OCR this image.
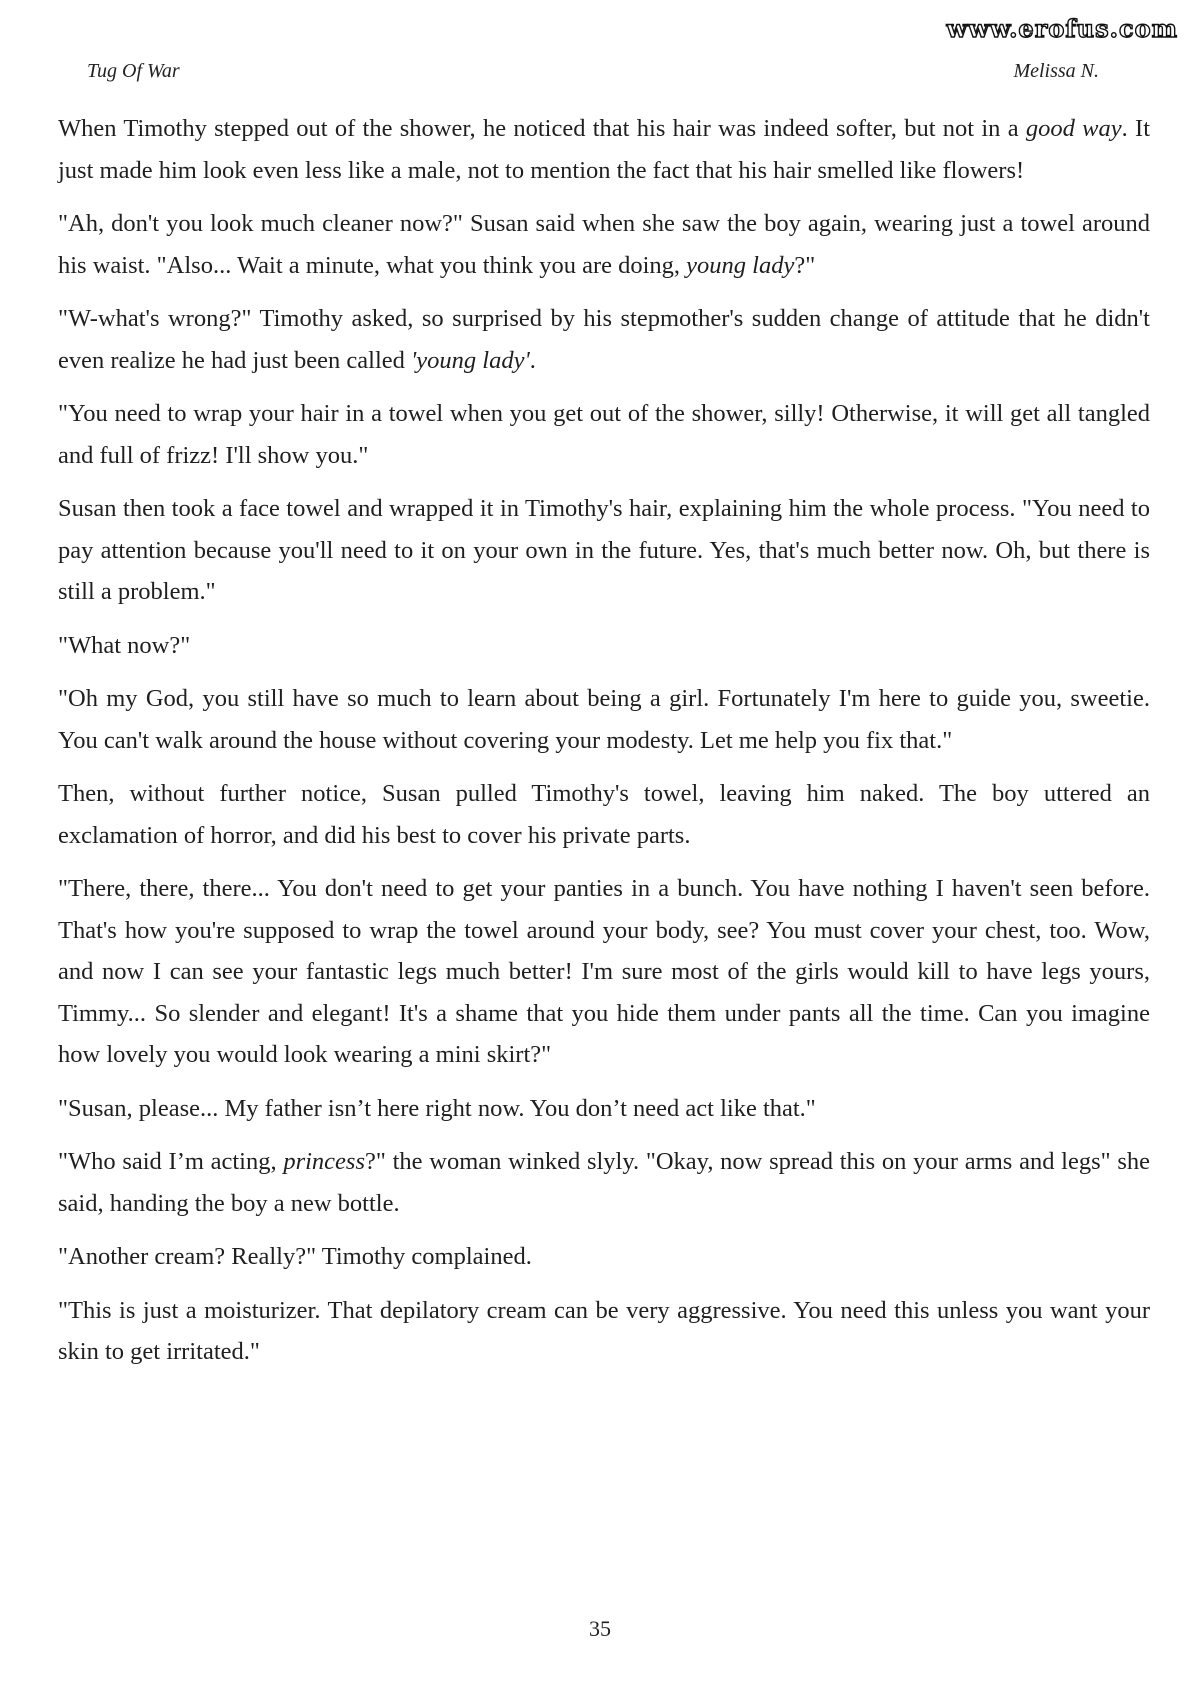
www.erofus.com
Tug Of War	Melissa N.

When Timothy stepped out of the shower, he noticed that his hair was indeed softer, but not in a good way. It just made him look even less like a male, not to mention the fact that his hair smelled like flowers!

"Ah, don't you look much cleaner now?" Susan said when she saw the boy again, wearing just a towel around his waist. "Also... Wait a minute, what you think you are doing, young lady?"

"W-what's wrong?" Timothy asked, so surprised by his stepmother's sudden change of attitude that he didn't even realize he had just been called 'young lady'.

"You need to wrap your hair in a towel when you get out of the shower, silly! Otherwise, it will get all tangled and full of frizz! I'll show you."

Susan then took a face towel and wrapped it in Timothy's hair, explaining him the whole process. "You need to pay attention because you'll need to it on your own in the future. Yes, that's much better now. Oh, but there is still a problem."

"What now?"

"Oh my God, you still have so much to learn about being a girl. Fortunately I'm here to guide you, sweetie. You can't walk around the house without covering your modesty. Let me help you fix that."

Then, without further notice, Susan pulled Timothy's towel, leaving him naked. The boy uttered an exclamation of horror, and did his best to cover his private parts.

"There, there, there... You don't need to get your panties in a bunch. You have nothing I haven't seen before. That's how you're supposed to wrap the towel around your body, see? You must cover your chest, too. Wow, and now I can see your fantastic legs much better! I'm sure most of the girls would kill to have legs yours, Timmy... So slender and elegant! It's a shame that you hide them under pants all the time. Can you imagine how lovely you would look wearing a mini skirt?"

"Susan, please... My father isn’t here right now. You don’t need act like that."

"Who said I’m acting, princess?" the woman winked slyly. "Okay, now spread this on your arms and legs" she said, handing the boy a new bottle.

"Another cream? Really?" Timothy complained.

"This is just a moisturizer. That depilatory cream can be very aggressive. You need this unless you want your skin to get irritated."

35
